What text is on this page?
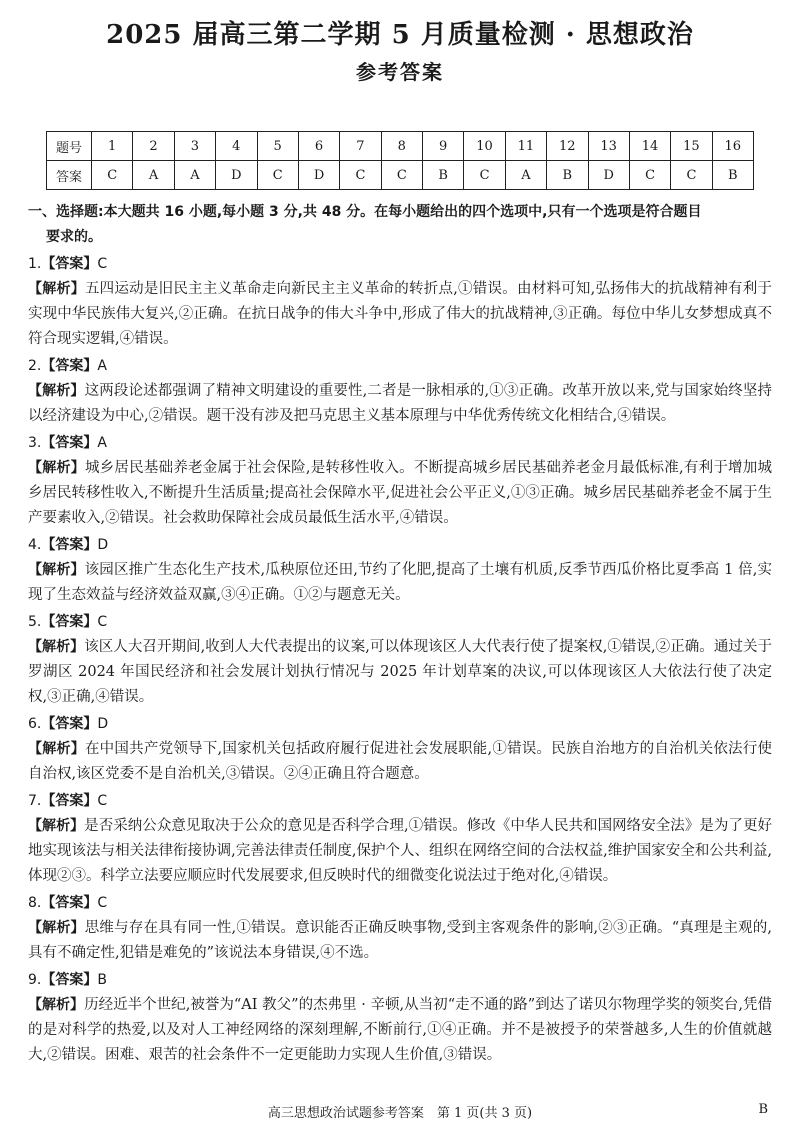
2025 届高三第二学期 5 月质量检测 · 思想政治
参考答案
题号	1	2	3	4	5	6	7	8	9	10	11	12	13	14	15	16
答案	C	A	A	D	C	D	C	C	B	C	A	B	D	C	C	B
一、选择题:本大题共 16 小题,每小题 3 分,共 48 分。在每小题给出的四个选项中,只有一个选项是符合题目
要求的。
1.【答案】C
【解析】五四运动是旧民主主义革命走向新民主主义革命的转折点,①错误。由材料可知,弘扬伟大的抗战精神有利于实现中华民族伟大复兴,②正确。在抗日战争的伟大斗争中,形成了伟大的抗战精神,③正确。每位中华儿女梦想成真不符合现实逻辑,④错误。
2.【答案】A
【解析】这两段论述都强调了精神文明建设的重要性,二者是一脉相承的,①③正确。改革开放以来,党与国家始终坚持以经济建设为中心,②错误。题干没有涉及把马克思主义基本原理与中华优秀传统文化相结合,④错误。
3.【答案】A
【解析】城乡居民基础养老金属于社会保险,是转移性收入。不断提高城乡居民基础养老金月最低标准,有利于增加城乡居民转移性收入,不断提升生活质量;提高社会保障水平,促进社会公平正义,①③正确。城乡居民基础养老金不属于生产要素收入,②错误。社会救助保障社会成员最低生活水平,④错误。
4.【答案】D
【解析】该园区推广生态化生产技术,瓜秧原位还田,节约了化肥,提高了土壤有机质,反季节西瓜价格比夏季高 1 倍,实现了生态效益与经济效益双赢,③④正确。①②与题意无关。
5.【答案】C
【解析】该区人大召开期间,收到人大代表提出的议案,可以体现该区人大代表行使了提案权,①错误,②正确。通过关于罗湖区 2024 年国民经济和社会发展计划执行情况与 2025 年计划草案的决议,可以体现该区人大依法行使了决定权,③正确,④错误。
6.【答案】D
【解析】在中国共产党领导下,国家机关包括政府履行促进社会发展职能,①错误。民族自治地方的自治机关依法行使自治权,该区党委不是自治机关,③错误。②④正确且符合题意。
7.【答案】C
【解析】是否采纳公众意见取决于公众的意见是否科学合理,①错误。修改《中华人民共和国网络安全法》是为了更好地实现该法与相关法律衔接协调,完善法律责任制度,保护个人、组织在网络空间的合法权益,维护国家安全和公共利益,体现②③。科学立法要应顺应时代发展要求,但反映时代的细微变化说法过于绝对化,④错误。
8.【答案】C
【解析】思维与存在具有同一性,①错误。意识能否正确反映事物,受到主客观条件的影响,②③正确。“真理是主观的,具有不确定性,犯错是难免的”该说法本身错误,④不选。
9.【答案】B
【解析】历经近半个世纪,被誉为“AI 教父”的杰弗里 · 辛顿,从当初“走不通的路”到达了诺贝尔物理学奖的领奖台,凭借的是对科学的热爱,以及对人工神经网络的深刻理解,不断前行,①④正确。并不是被授予的荣誉越多,人生的价值就越大,②错误。困难、艰苦的社会条件不一定更能助力实现人生价值,③错误。
高三思想政治试题参考答案　第 1 页(共 3 页)	B
